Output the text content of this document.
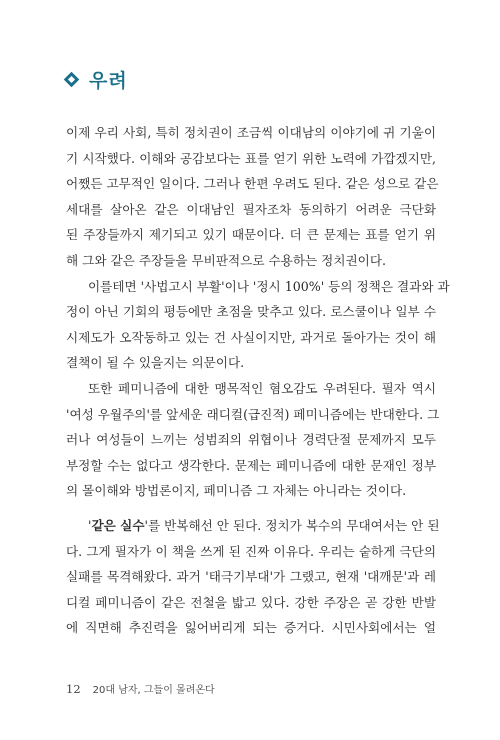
우려
이제 우리 사회, 특히 정치권이 조금씩 이대남의 이야기에 귀 기울이
기 시작했다. 이해와 공감보다는 표를 얻기 위한 노력에 가깝겠지만,
어쨌든 고무적인 일이다. 그러나 한편 우려도 된다. 같은 성으로 같은
세대를 살아온 같은 이대남인 필자조차 동의하기 어려운 극단화
된 주장들까지 제기되고 있기 때문이다. 더 큰 문제는 표를 얻기 위
해 그와 같은 주장들을 무비판적으로 수용하는 정치권이다.
이를테면 '사법고시 부활'이나 '정시 100%' 등의 정책은 결과와 과
정이 아닌 기회의 평등에만 초점을 맞추고 있다. 로스쿨이나 일부 수
시제도가 오작동하고 있는 건 사실이지만, 과거로 돌아가는 것이 해
결책이 될 수 있을지는 의문이다.
또한 페미니즘에 대한 맹목적인 혐오감도 우려된다. 필자 역시
'여성 우월주의'를 앞세운 래디컬(급진적) 페미니즘에는 반대한다. 그
러나 여성들이 느끼는 성범죄의 위협이나 경력단절 문제까지 모두
부정할 수는 없다고 생각한다. 문제는 페미니즘에 대한 문재인 정부
의 몰이해와 방법론이지, 페미니즘 그 자체는 아니라는 것이다.
'같은 실수'를 반복해선 안 된다. 정치가 복수의 무대여서는 안 된
다. 그게 필자가 이 책을 쓰게 된 진짜 이유다. 우리는 숱하게 극단의
실패를 목격해왔다. 과거 '태극기부대'가 그랬고, 현재 '대깨문'과 레
디컬 페미니즘이 같은 전철을 밟고 있다. 강한 주장은 곧 강한 반발
에 직면해 추진력을 잃어버리게 되는 증거다. 시민사회에서는 얼
12 20대 남자, 그들이 몰려온다
